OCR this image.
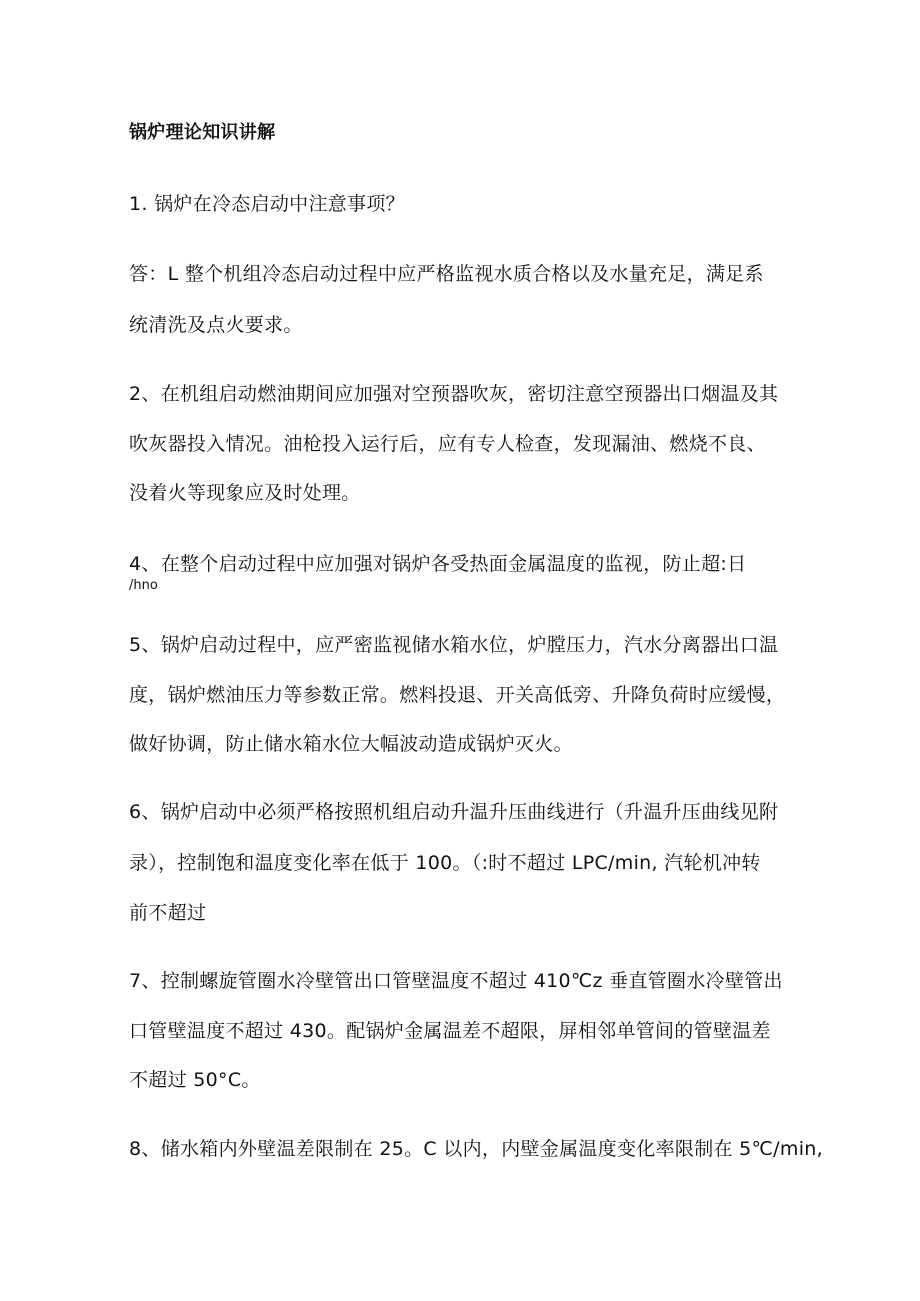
锅炉理论知识讲解
1. 锅炉在冷态启动中注意事项？
答：L 整个机组冷态启动过程中应严格监视水质合格以及水量充足，满足系
统清洗及点火要求。
2、在机组启动燃油期间应加强对空预器吹灰，密切注意空预器出口烟温及其
吹灰器投入情况。油枪投入运行后，应有专人检查，发现漏油、燃烧不良、
没着火等现象应及时处理。
4、在整个启动过程中应加强对锅炉各受热面金属温度的监视，防止超:日
/hno
5、锅炉启动过程中，应严密监视储水箱水位，炉膛压力，汽水分离器出口温
度，锅炉燃油压力等参数正常。燃料投退、开关高低旁、升降负荷时应缓慢，
做好协调，防止储水箱水位大幅波动造成锅炉灭火。
6、锅炉启动中必须严格按照机组启动升温升压曲线进行（升温升压曲线见附
录），控制饱和温度变化率在低于 100。（:时不超过 LPC/min, 汽轮机冲转
前不超过
7、控制螺旋管圈水冷壁管出口管壁温度不超过 410℃z 垂直管圈水冷壁管出
口管壁温度不超过 430。配锅炉金属温差不超限，屏相邻单管间的管壁温差
不超过 50°C。
8、储水箱内外壁温差限制在 25。C 以内，内壁金属温度变化率限制在 5℃/min,
